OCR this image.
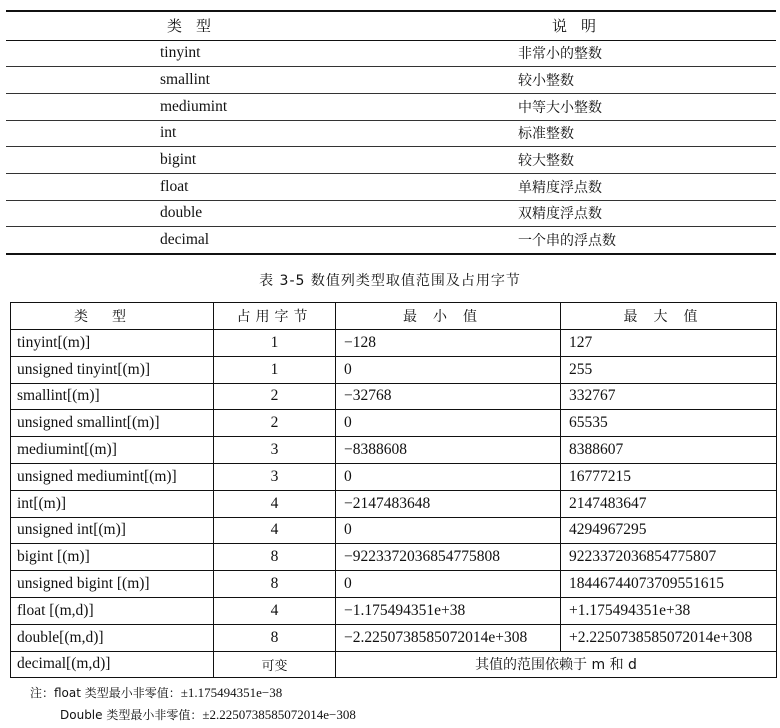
类型	说明
tinyint	非常小的整数
smallint	较小整数
mediumint	中等大小整数
int	标准整数
bigint	较大整数
float	单精度浮点数
double	双精度浮点数
decimal	一个串的浮点数
表 3-5 数值列类型取值范围及占用字节
类型	占用字节	最小值	最大值
tinyint[(m)]	1	−128	127
unsigned tinyint[(m)]	1	0	255
smallint[(m)]	2	−32768	332767
unsigned smallint[(m)]	2	0	65535
mediumint[(m)]	3	−8388608	8388607
unsigned mediumint[(m)]	3	0	16777215
int[(m)]	4	−2147483648	2147483647
unsigned int[(m)]	4	0	4294967295
bigint [(m)]	8	−9223372036854775808	9223372036854775807
unsigned bigint [(m)]	8	0	18446744073709551615
float [(m,d)]	4	−1.175494351e+38	+1.175494351e+38
double[(m,d)]	8	−2.2250738585072014e+308	+2.2250738585072014e+308
decimal[(m,d)]	可变	其值的范围依赖于 m 和 d	
注：float 类型最小非零值：±1.175494351e−38
Double 类型最小非零值：±2.2250738585072014e−308
